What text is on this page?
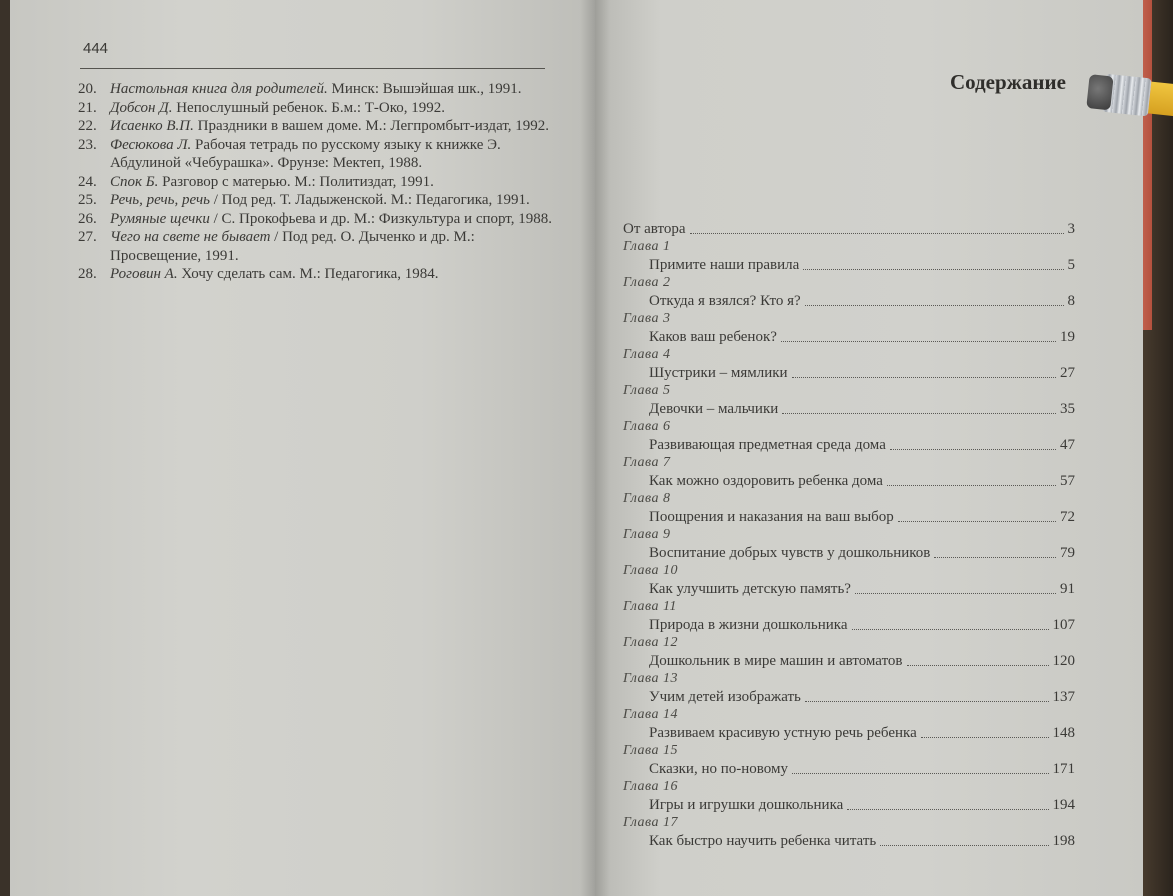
444
20. Настольная книга для родителей. Минск: Вышэйшая шк., 1991.
21. Добсон Д. Непослушный ребенок. Б.м.: Т-Око, 1992.
22. Исаенко В.П. Праздники в вашем доме. М.: Легпромбыт-издат, 1992.
23. Фесюкова Л. Рабочая тетрадь по русскому языку к книжке Э. Абдулиной «Чебурашка». Фрунзе: Мектеп, 1988.
24. Спок Б. Разговор с матерью. М.: Политиздат, 1991.
25. Речь, речь, речь / Под ред. Т. Ладыженской. М.: Педагогика, 1991.
26. Румяные щечки / С. Прокофьева и др. М.: Физкультура и спорт, 1988.
27. Чего на свете не бывает / Под ред. О. Дыченко и др. М.: Просвещение, 1991.
28. Роговин А. Хочу сделать сам. М.: Педагогика, 1984.
Содержание
От автора	3
Глава 1
Примите наши правила	5
Глава 2
Откуда я взялся? Кто я?	8
Глава 3
Каков ваш ребенок?	19
Глава 4
Шустрики – мямлики	27
Глава 5
Девочки – мальчики	35
Глава 6
Развивающая предметная среда дома	47
Глава 7
Как можно оздоровить ребенка дома	57
Глава 8
Поощрения и наказания на ваш выбор	72
Глава 9
Воспитание добрых чувств у дошкольников	79
Глава 10
Как улучшить детскую память?	91
Глава 11
Природа в жизни дошкольника	107
Глава 12
Дошкольник в мире машин и автоматов	120
Глава 13
Учим детей изображать	137
Глава 14
Развиваем красивую устную речь ребенка	148
Глава 15
Сказки, но по-новому	171
Глава 16
Игры и игрушки дошкольника	194
Глава 17
Как быстро научить ребенка читать	198
